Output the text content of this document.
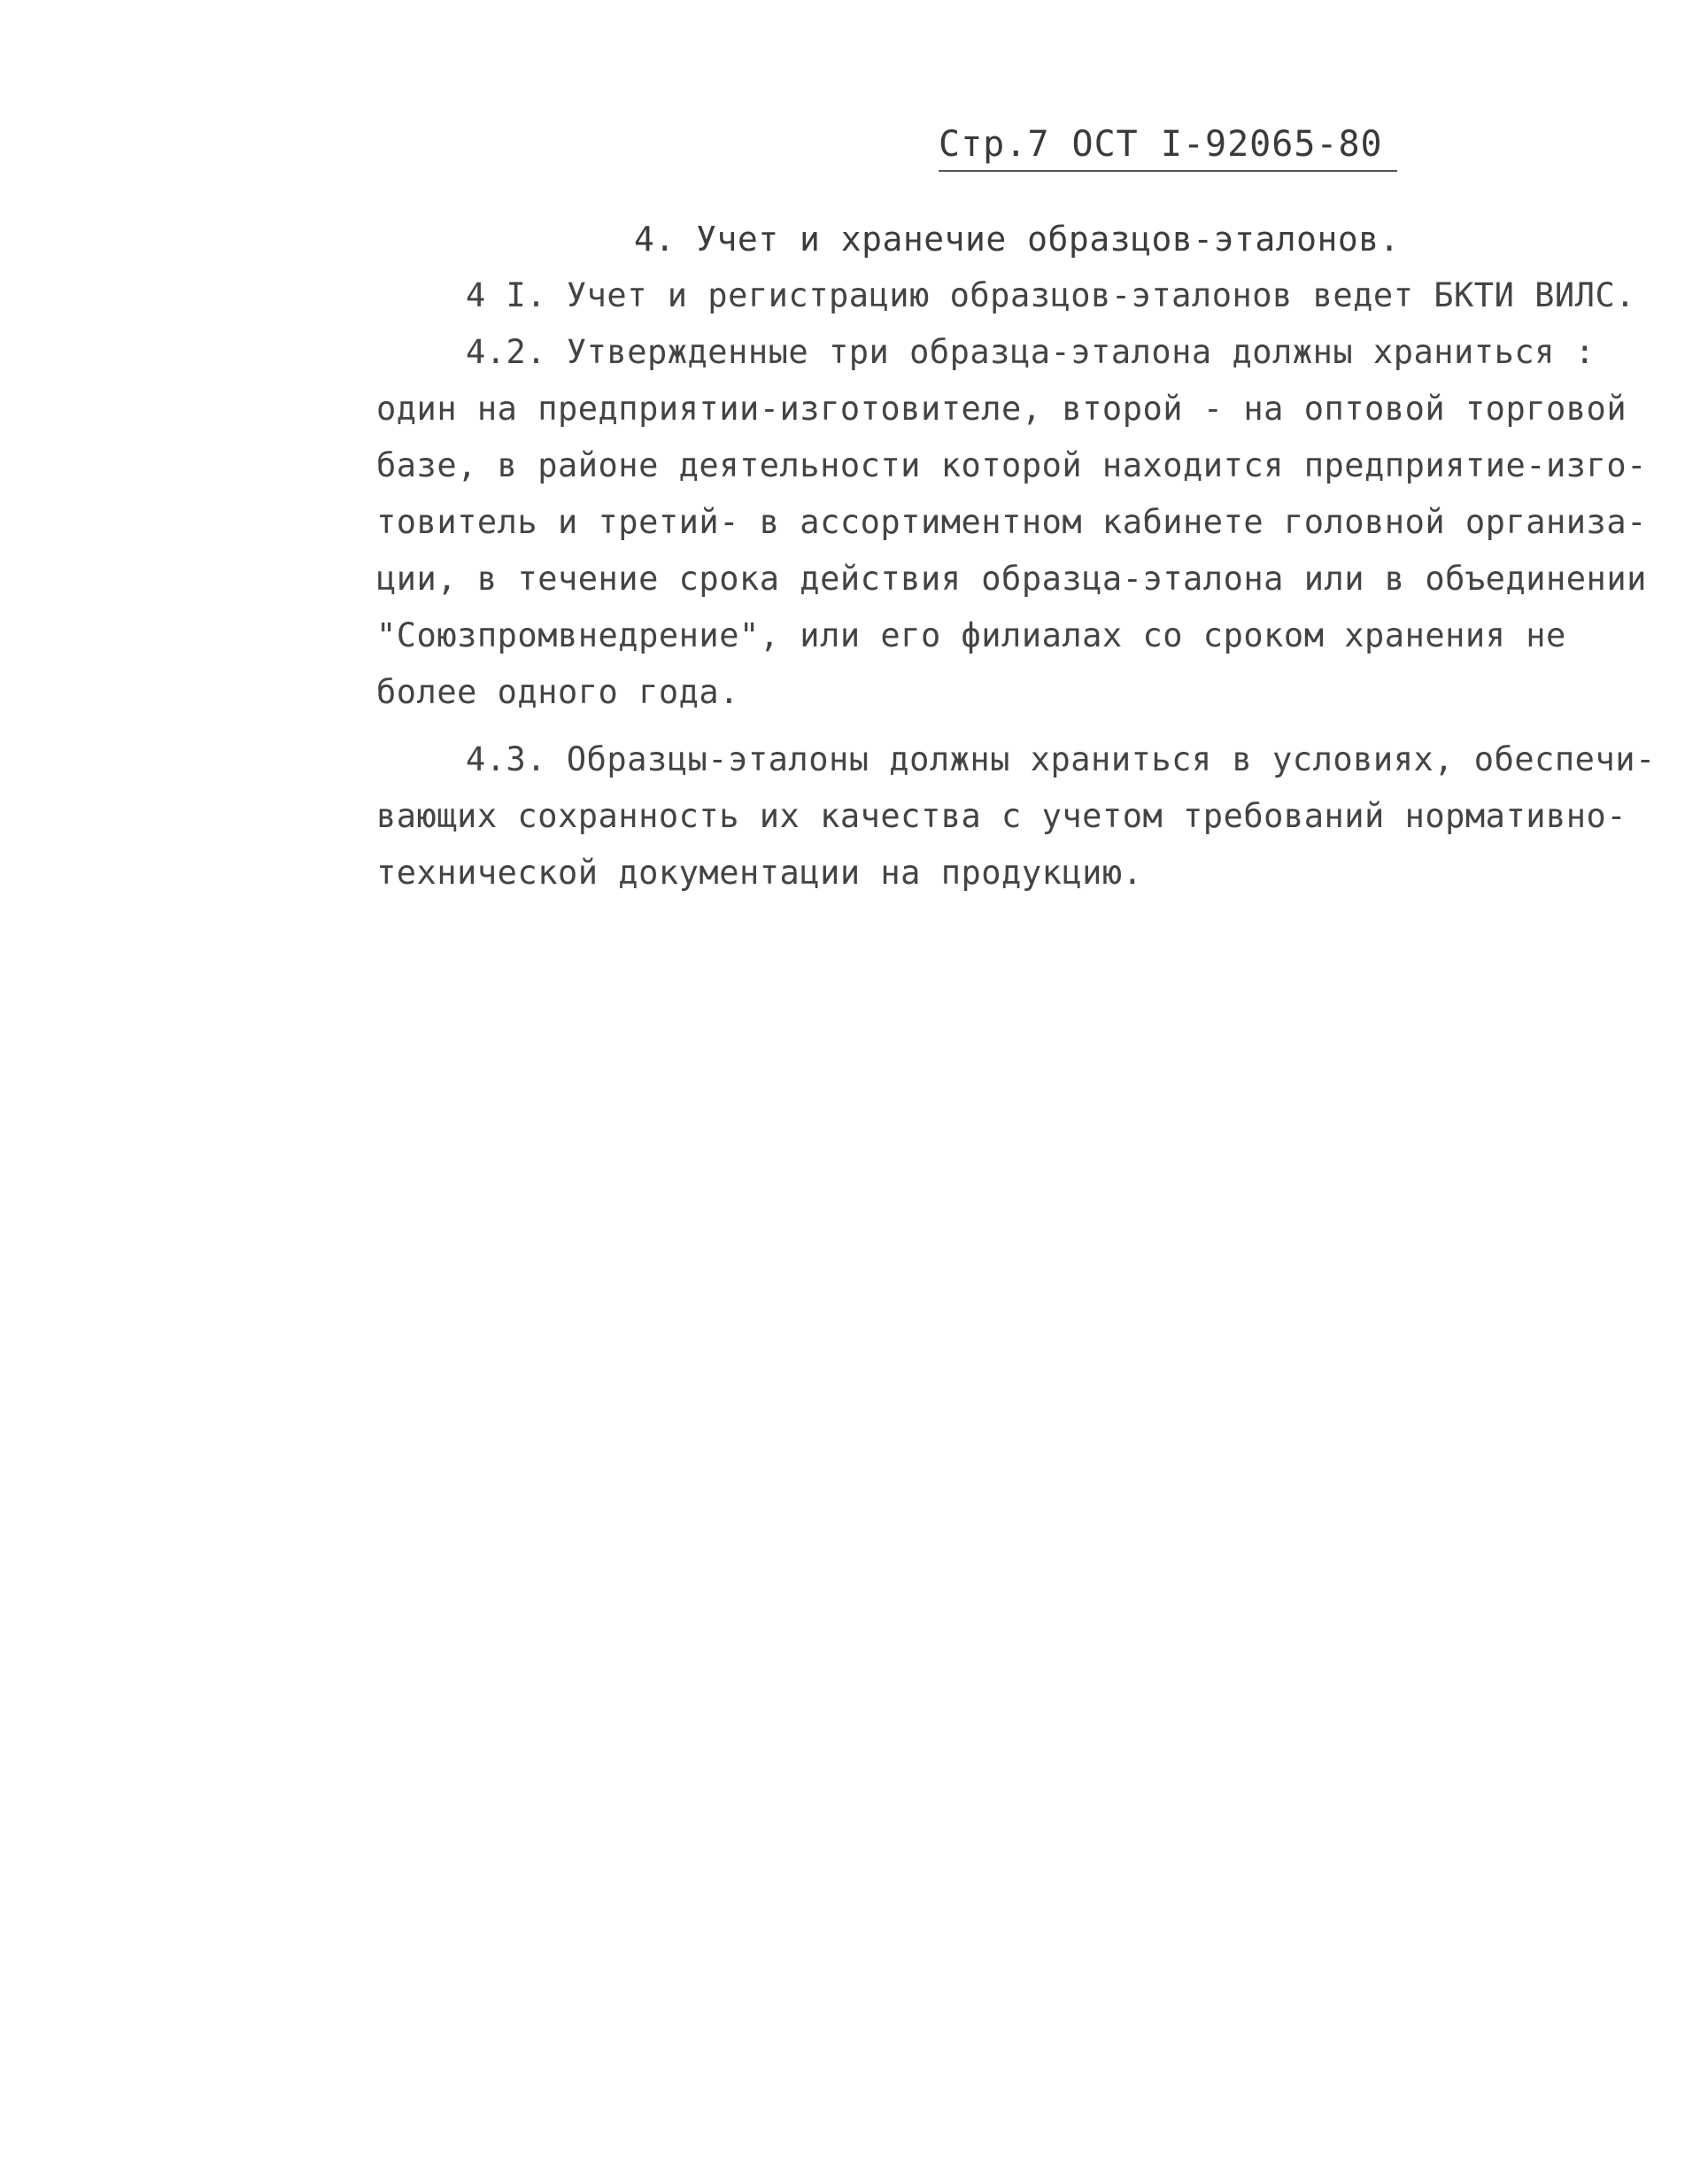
Стр.7 ОСТ I-92065-80
4. Учет и хранечие образцов-эталонов.
4 I. Учет и регистрацию образцов-эталонов ведет БКТИ ВИЛС.
4.2. Утвержденные три образца-эталона должны храниться :
один на предприятии-изготовителе, второй - на оптовой торговой
базе, в районе деятельности которой находится предприятие-изго-
товитель и третий- в ассортиментном кабинете головной организа-
ции, в течение срока действия образца-эталона или в объединении
"Союзпромвнедрение", или его филиалах со сроком хранения не
более одного года.
4.3. Образцы-эталоны должны храниться в условиях, обеспечи-
вающих сохранность их качества с учетом требований нормативно-
технической документации на продукцию.
